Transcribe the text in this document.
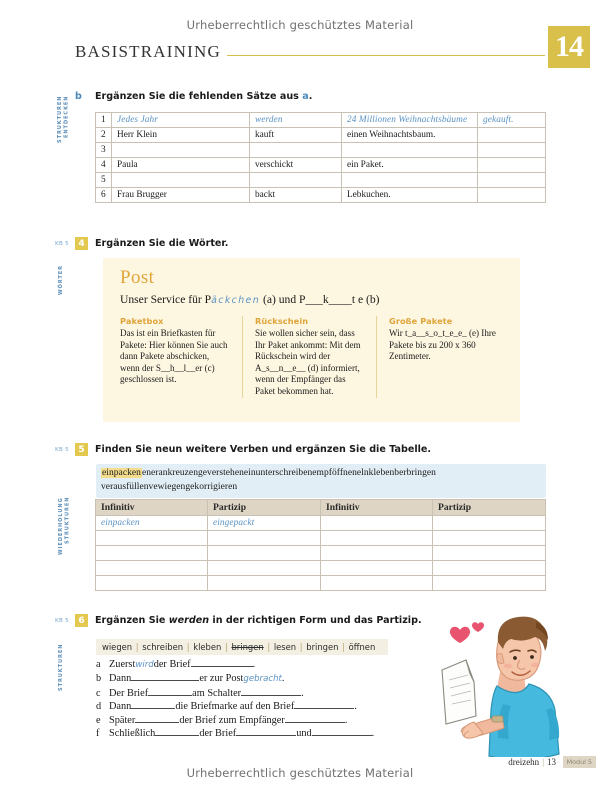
Urheberrechtlich geschütztes Material
14
BASISTRAINING
STRUKTUREN ENTDECKEN b	Ergänzen Sie die fehlenden Sätze aus a.
1	Jedes Jahr	werden	24 Millionen Weihnachtsbäume	gekauft.
2	Herr Klein	kauft	einen Weihnachtsbaum.	
3				
4	Paula	verschickt	ein Paket.	
5				
6	Frau Brugger	backt	Lebkuchen.	
KB 5	4	Ergänzen Sie die Wörter.
WÖRTER	Post
Unser Service für Päckchen (a) und P___k____t e (b)
Paketbox

Das ist ein Briefkasten für Pakete: Hier können Sie auch dann Pakete abschicken, wenn der S__h__l__er (c) geschlossen ist.

Rückschein

Sie wollen sicher sein, dass Ihr Paket ankommt: Mit dem Rückschein wird der A_s__n__e__ (d) informiert, wenn der Empfänger das Paket bekommen hat.

Große Pakete

Wir t_a__s_o_t_e_e_ (e) Ihre Pakete bis zu 200 x 360 Zentimeter.

KB 5	5	Finden Sie neun weitere Verben und ergänzen Sie die Tabelle.
WIEDERHOLUNG STRUKTUREN
einpackenenerankreuzengeversteheneinunterschreibenempföffnenelnklebenberbringen verausfüllenvewiegengekorrigieren
Infinitiv	Partizip	Infinitiv	Partizip
einpacken	eingepackt		

KB 5	6	Ergänzen Sie werden in der richtigen Form und das Partizip.
STRUKTUREN	wiegen | schreiben | kleben | bringen | lesen | bringen | öffnen
a Zuerst wird der Brief	.
b Dann	er zur Post gebracht .
c Der Brief	am Schalter	.
d Dann	die Briefmarke auf den Brief	.
e Später	der Brief zum Empfänger	.
f Schließlich	der Brief	und	.
Urheberrechtlich geschütztes Material
dreizehn | 13	Modul 5
